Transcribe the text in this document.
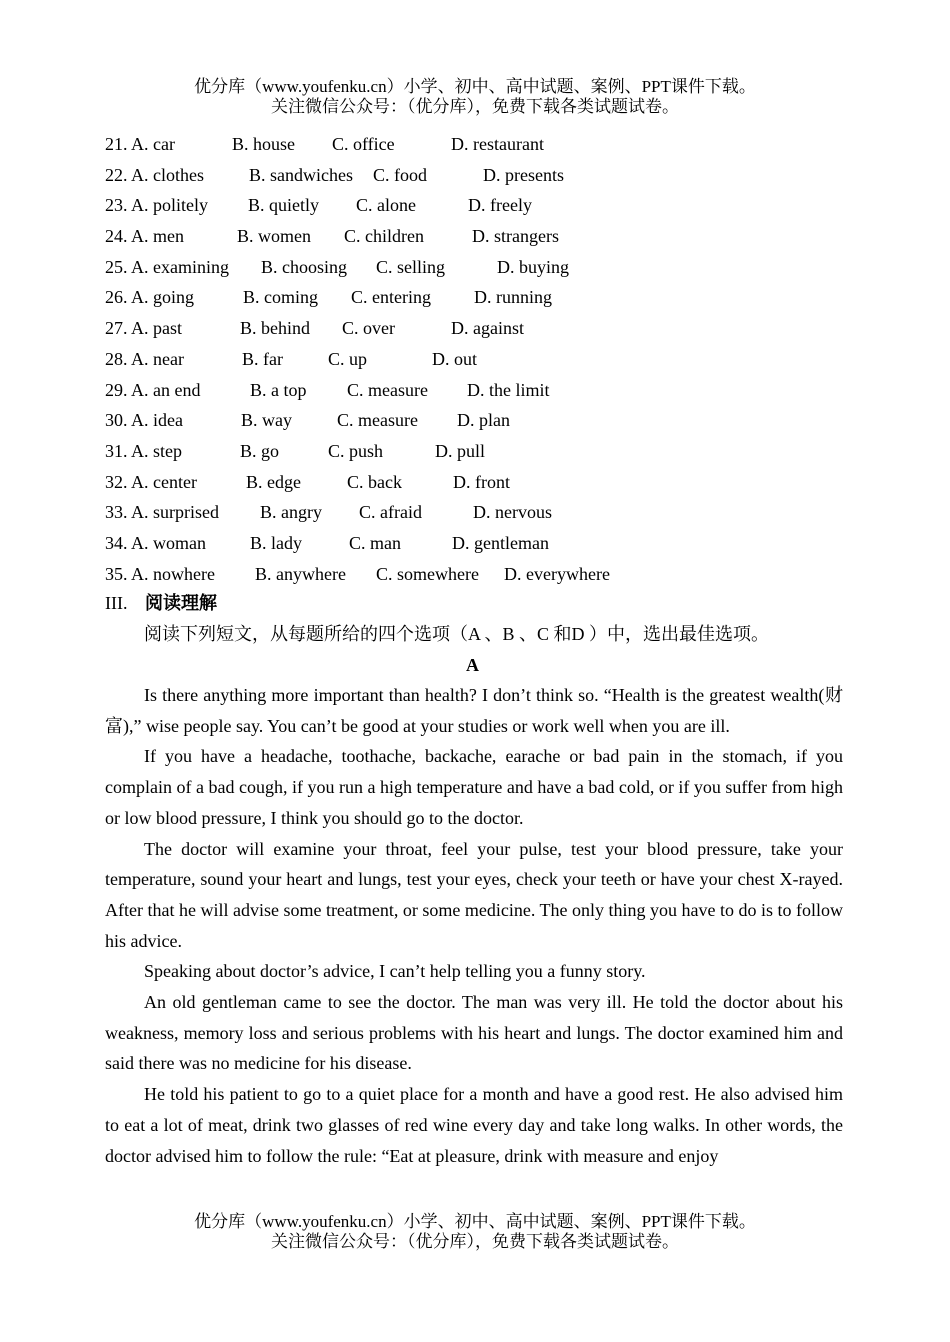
优分库（www.youfenku.cn）小学、初中、高中试题、案例、PPT课件下载。
关注微信公众号：（优分库），免费下载各类试题试卷。
21. A. car	B. house C. office	D. restaurant
22. A. clothes	B. sandwiches C. food	D. presents
23. A. politely B. quietly C. alone	D. freely
24. A. men	B. women C. children	D. strangers
25. A. examining B. choosing C. selling	D. buying
26. A. going	B. coming C. entering D. running
27. A. past	B. behind C. over	D. against
28. A. near	B. far	C. up	D. out
29. A. an end	B. a top C. measure D. the limit
30. A. idea	B. way	C. measure D. plan
31. A. step	B. go	C. push	D. pull
32. A. center	B. edge	C. back	D. front
33. A. surprised B. angry C. afraid	D. nervous
34. A. woman B. lady	C. man	D. gentleman
35. A. nowhere B. anywhere C. somewhere D. everywhere
III. 阅读理解
阅读下列短文，从每题所给的四个选项（A 、B 、C 和D ）中，选出最佳选项。
A

Is there anything more important than health? I don’t think so. “Health is the greatest wealth(财富),” wise people say. You can’t be good at your studies or work well when you are ill.

If you have a headache, toothache, backache, earache or bad pain in the stomach, if you complain of a bad cough, if you run a high temperature and have a bad cold, or if you suffer from high or low blood pressure, I think you should go to the doctor.

The doctor will examine your throat, feel your pulse, test your blood pressure, take your temperature, sound your heart and lungs, test your eyes, check your teeth or have your chest X-rayed. After that he will advise some treatment, or some medicine. The only thing you have to do is to follow his advice.

Speaking about doctor’s advice, I can’t help telling you a funny story.

An old gentleman came to see the doctor. The man was very ill. He told the doctor about his weakness, memory loss and serious problems with his heart and lungs. The doctor examined him and said there was no medicine for his disease.

He told his patient to go to a quiet place for a month and have a good rest. He also advised him to eat a lot of meat, drink two glasses of red wine every day and take long walks. In other words, the doctor advised him to follow the rule: “Eat at pleasure, drink with measure and enjoy

优分库（www.youfenku.cn）小学、初中、高中试题、案例、PPT课件下载。
关注微信公众号：（优分库），免费下载各类试题试卷。
